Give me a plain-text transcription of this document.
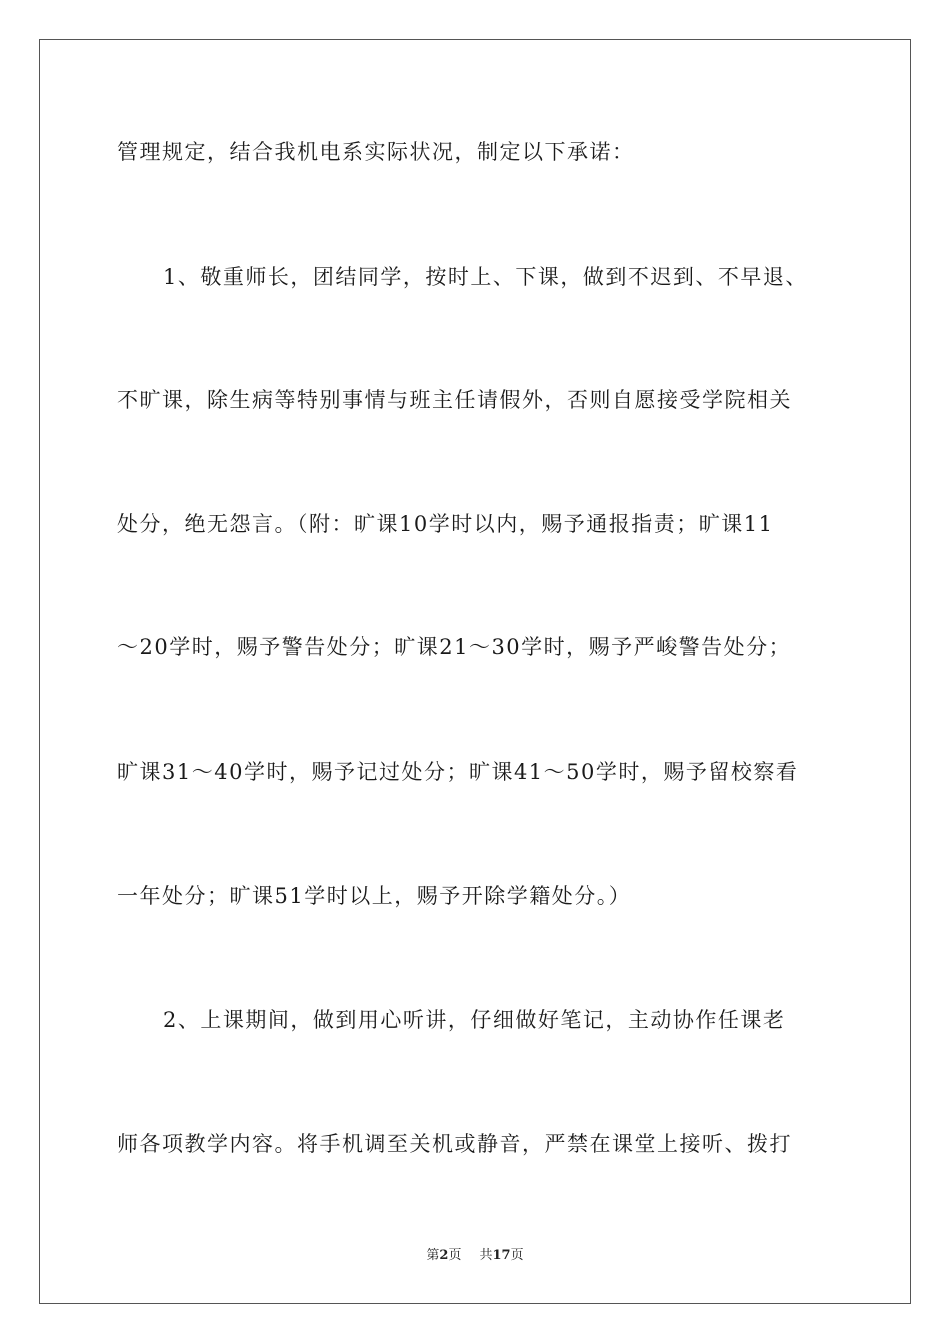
管理规定，结合我机电系实际状况，制定以下承诺：
1、敬重师长，团结同学，按时上、下课，做到不迟到、不早退、
不旷课，除生病等特别事情与班主任请假外，否则自愿接受学院相关
处分，绝无怨言。（附：旷课10学时以内，赐予通报指责；旷课11
～20学时，赐予警告处分；旷课21～30学时，赐予严峻警告处分；
旷课31～40学时，赐予记过处分；旷课41～50学时，赐予留校察看
一年处分；旷课51学时以上，赐予开除学籍处分。）
2、上课期间，做到用心听讲，仔细做好笔记，主动协作任课老
师各项教学内容。将手机调至关机或静音，严禁在课堂上接听、拨打
第2页 共17页
